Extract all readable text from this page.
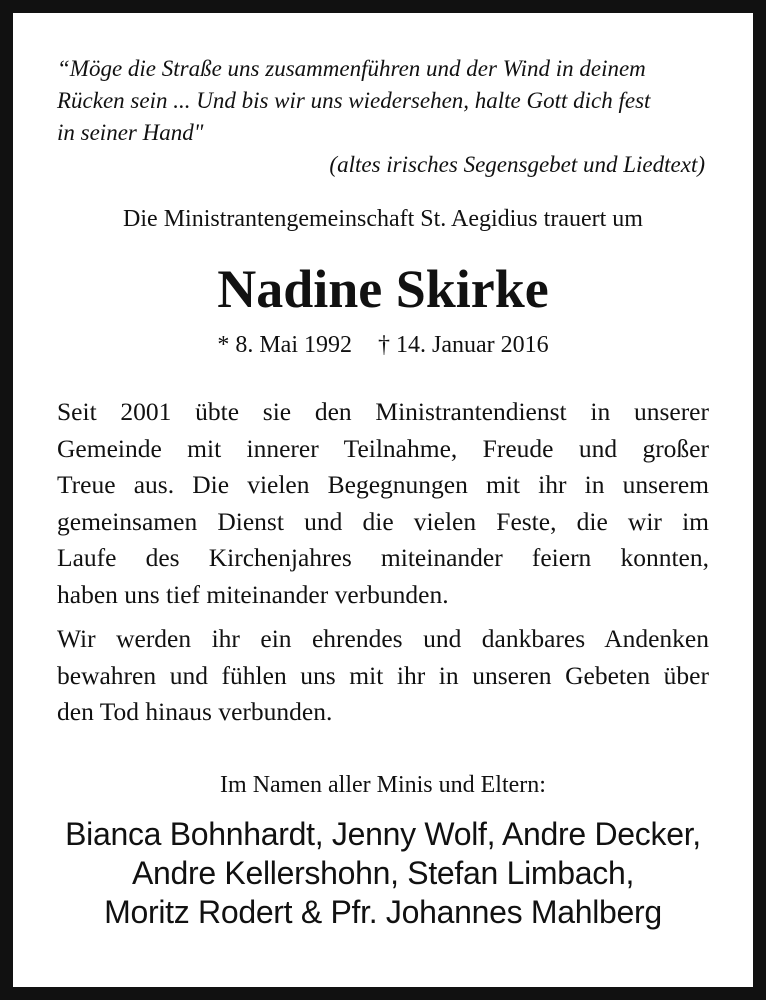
“Möge die Straße uns zusammenführen und der Wind in deinem
Rücken sein ... Und bis wir uns wiedersehen, halte Gott dich fest
in seiner Hand"
(altes irisches Segensgebet und Liedtext)
Die Ministrantengemeinschaft St. Aegidius trauert um
Nadine Skirke
* 8. Mai 1992 † 14. Januar 2016
Seit 2001 übte sie den Ministrantendienst in unserer
Gemeinde mit innerer Teilnahme, Freude und großer
Treue aus. Die vielen Begegnungen mit ihr in unserem
gemeinsamen Dienst und die vielen Feste, die wir im
Laufe des Kirchenjahres miteinander feiern konnten,
haben uns tief miteinander verbunden.
Wir werden ihr ein ehrendes und dankbares Andenken
bewahren und fühlen uns mit ihr in unseren Gebeten über
den Tod hinaus verbunden.
Im Namen aller Minis und Eltern:
Bianca Bohnhardt, Jenny Wolf, Andre Decker,
Andre Kellershohn, Stefan Limbach,
Moritz Rodert & Pfr. Johannes Mahlberg
